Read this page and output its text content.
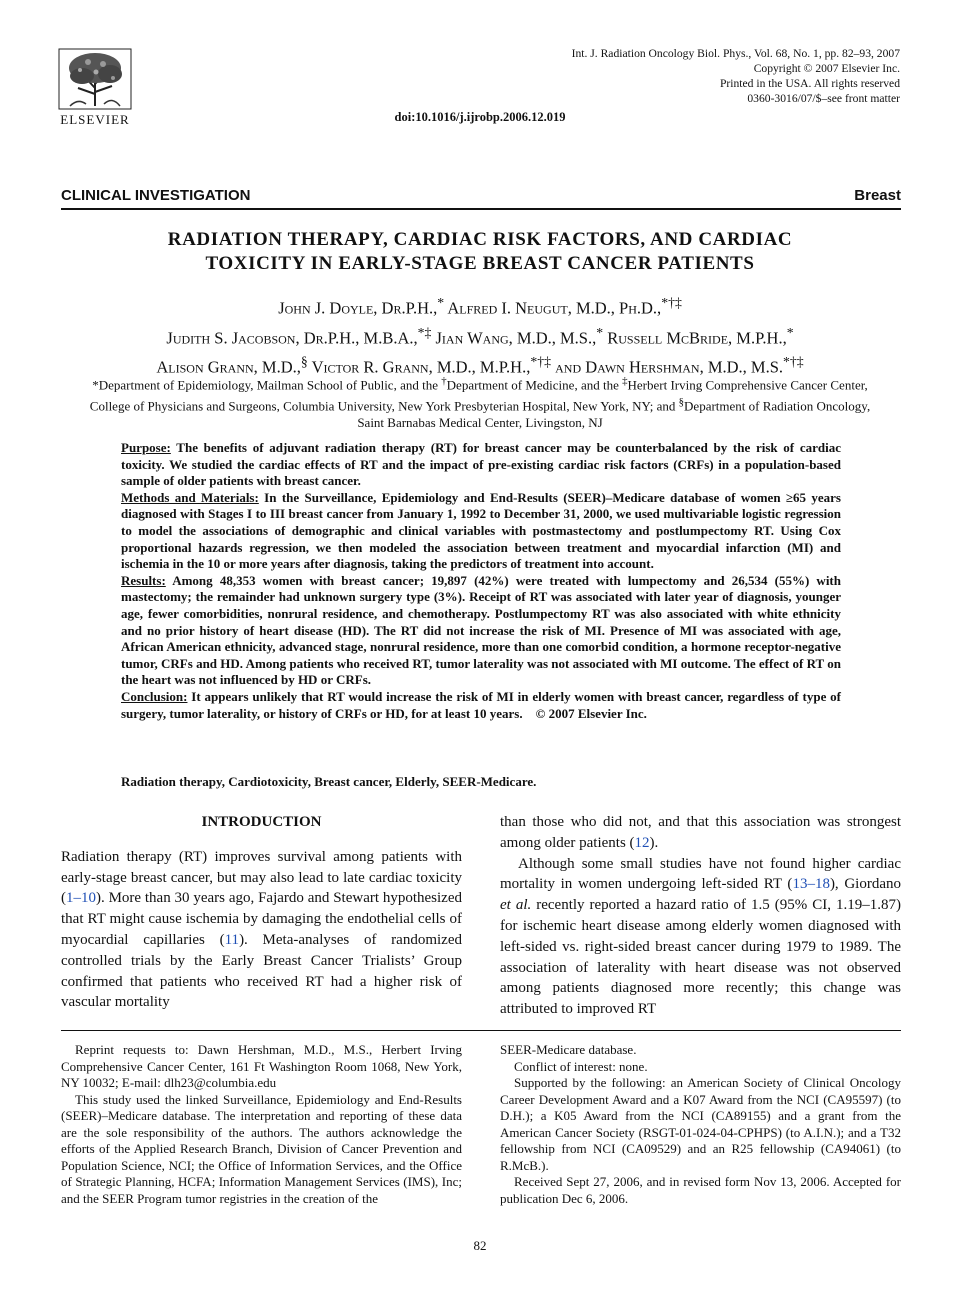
ELSEVIER
Int. J. Radiation Oncology Biol. Phys., Vol. 68, No. 1, pp. 82–93, 2007
Copyright © 2007 Elsevier Inc.
Printed in the USA. All rights reserved
0360-3016/07/$–see front matter
doi:10.1016/j.ijrobp.2006.12.019
CLINICAL INVESTIGATION	Breast
RADIATION THERAPY, CARDIAC RISK FACTORS, AND CARDIAC
TOXICITY IN EARLY-STAGE BREAST CANCER PATIENTS
John J. Doyle, Dr.P.H.,* Alfred I. Neugut, M.D., Ph.D.,*†‡
Judith S. Jacobson, Dr.P.H., M.B.A.,*‡ Jian Wang, M.D., M.S.,* Russell McBride, M.P.H.,*
Alison Grann, M.D.,§ Victor R. Grann, M.D., M.P.H.,*†‡ and Dawn Hershman, M.D., M.S.*†‡
*Department of Epidemiology, Mailman School of Public, and the †Department of Medicine, and the ‡Herbert Irving Comprehensive Cancer Center, College of Physicians and Surgeons, Columbia University, New York Presbyterian Hospital, New York, NY; and §Department of Radiation Oncology, Saint Barnabas Medical Center, Livingston, NJ

Purpose: The benefits of adjuvant radiation therapy (RT) for breast cancer may be counterbalanced by the risk of cardiac toxicity. We studied the cardiac effects of RT and the impact of pre-existing cardiac risk factors (CRFs) in a population-based sample of older patients with breast cancer.

Methods and Materials: In the Surveillance, Epidemiology and End-Results (SEER)–Medicare database of women ≥65 years diagnosed with Stages I to III breast cancer from January 1, 1992 to December 31, 2000, we used multivariable logistic regression to model the associations of demographic and clinical variables with postmastectomy and postlumpectomy RT. Using Cox proportional hazards regression, we then modeled the association between treatment and myocardial infarction (MI) and ischemia in the 10 or more years after diagnosis, taking the predictors of treatment into account.

Results: Among 48,353 women with breast cancer; 19,897 (42%) were treated with lumpectomy and 26,534 (55%) with mastectomy; the remainder had unknown surgery type (3%). Receipt of RT was associated with later year of diagnosis, younger age, fewer comorbidities, nonrural residence, and chemotherapy. Postlumpectomy RT was also associated with white ethnicity and no prior history of heart disease (HD). The RT did not increase the risk of MI. Presence of MI was associated with age, African American ethnicity, advanced stage, nonrural residence, more than one comorbid condition, a hormone receptor-negative tumor, CRFs and HD. Among patients who received RT, tumor laterality was not associated with MI outcome. The effect of RT on the heart was not influenced by HD or CRFs.

Conclusion: It appears unlikely that RT would increase the risk of MI in elderly women with breast cancer, regardless of type of surgery, tumor laterality, or history of CRFs or HD, for at least 10 years. © 2007 Elsevier Inc.

Radiation therapy, Cardiotoxicity, Breast cancer, Elderly, SEER-Medicare.
INTRODUCTION

Radiation therapy (RT) improves survival among patients with early-stage breast cancer, but may also lead to late cardiac toxicity (1–10). More than 30 years ago, Fajardo and Stewart hypothesized that RT might cause ischemia by damaging the endothelial cells of myocardial capillaries (11). Meta-analyses of randomized controlled trials by the Early Breast Cancer Trialists’ Group confirmed that patients who received RT had a higher risk of vascular mortality

than those who did not, and that this association was strongest among older patients (12).

Although some small studies have not found higher cardiac mortality in women undergoing left-sided RT (13–18), Giordano et al. recently reported a hazard ratio of 1.5 (95% CI, 1.19–1.87) for ischemic heart disease among elderly women diagnosed with left-sided vs. right-sided breast cancer during 1979 to 1989. The association of laterality with heart disease was not observed among patients diagnosed more recently; this change was attributed to improved RT

Reprint requests to: Dawn Hershman, M.D., M.S., Herbert Irving Comprehensive Cancer Center, 161 Ft Washington Room 1068, New York, NY 10032; E-mail: dlh23@columbia.edu

This study used the linked Surveillance, Epidemiology and End-Results (SEER)–Medicare database. The interpretation and reporting of these data are the sole responsibility of the authors. The authors acknowledge the efforts of the Applied Research Branch, Division of Cancer Prevention and Population Science, NCI; the Office of Information Services, and the Office of Strategic Planning, HCFA; Information Management Services (IMS), Inc; and the SEER Program tumor registries in the creation of the

SEER-Medicare database.

Conflict of interest: none.

Supported by the following: an American Society of Clinical Oncology Career Development Award and a K07 Award from the NCI (CA95597) (to D.H.); a K05 Award from the NCI (CA89155) and a grant from the American Cancer Society (RSGT-01-024-04-CPHPS) (to A.I.N.); and a T32 fellowship from NCI (CA09529) and an R25 fellowship (CA94061) (to R.McB.).

Received Sept 27, 2006, and in revised form Nov 13, 2006. Accepted for publication Dec 6, 2006.

82
